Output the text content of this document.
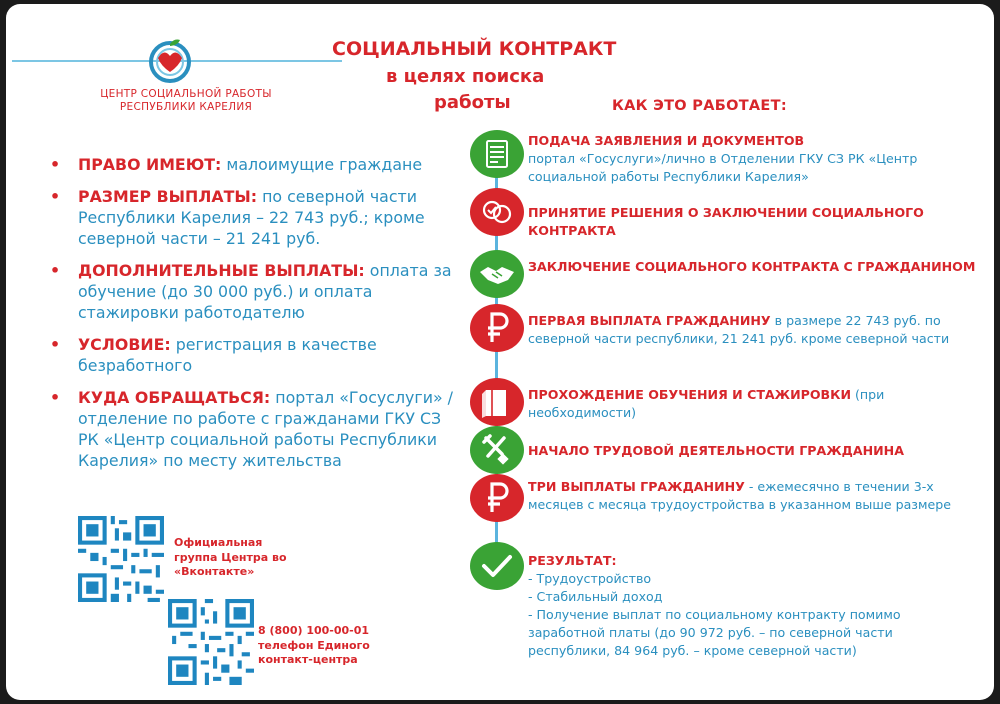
ЦЕНТР СОЦИАЛЬНОЙ РАБОТЫ
РЕСПУБЛИКИ КАРЕЛИЯ
СОЦИАЛЬНЫЙ КОНТРАКТ
в целях поиска
работы	КАК ЭТО РАБОТАЕТ:
• ПРАВО ИМЕЮТ: малоимущие граждане
• РАЗМЕР ВЫПЛАТЫ: по северной части Республики Карелия – 22 743 руб.; кроме северной части – 21 241 руб.
• ДОПОЛНИТЕЛЬНЫЕ ВЫПЛАТЫ: оплата за обучение (до 30 000 руб.) и оплата стажировки работодателю
• УСЛОВИЕ: регистрация в качестве безработного
• КУДА ОБРАЩАТЬСЯ: портал «Госуслуги» / отделение по работе с гражданами ГКУ СЗ РК «Центр социальной работы Республики Карелия» по месту жительства
Официальная группа Центра во «Вконтакте»
8 (800) 100-00-01
телефон Единого контакт-центра
ПОДАЧА ЗАЯВЛЕНИЯ И ДОКУМЕНТОВ
портал «Госуслуги»/лично в Отделении ГКУ СЗ РК «Центр социальной работы Республики Карелия»
ПРИНЯТИЕ РЕШЕНИЯ О ЗАКЛЮЧЕНИИ СОЦИАЛЬНОГО КОНТРАКТА
ЗАКЛЮЧЕНИЕ СОЦИАЛЬНОГО КОНТРАКТА С ГРАЖДАНИНОМ
ПЕРВАЯ ВЫПЛАТА ГРАЖДАНИНУ в размере 22 743 руб. по северной части республики, 21 241 руб. кроме северной части
ПРОХОЖДЕНИЕ ОБУЧЕНИЯ И СТАЖИРОВКИ (при необходимости)
НАЧАЛО ТРУДОВОЙ ДЕЯТЕЛЬНОСТИ ГРАЖДАНИНА
ТРИ ВЫПЛАТЫ ГРАЖДАНИНУ - ежемесячно в течении 3-х месяцев с месяца трудоустройства в указанном выше размере
РЕЗУЛЬТАТ:
- Трудоустройство
- Стабильный доход
- Получение выплат по социальному контракту помимо заработной платы (до 90 972 руб. – по северной части республики, 84 964 руб. – кроме северной части)
